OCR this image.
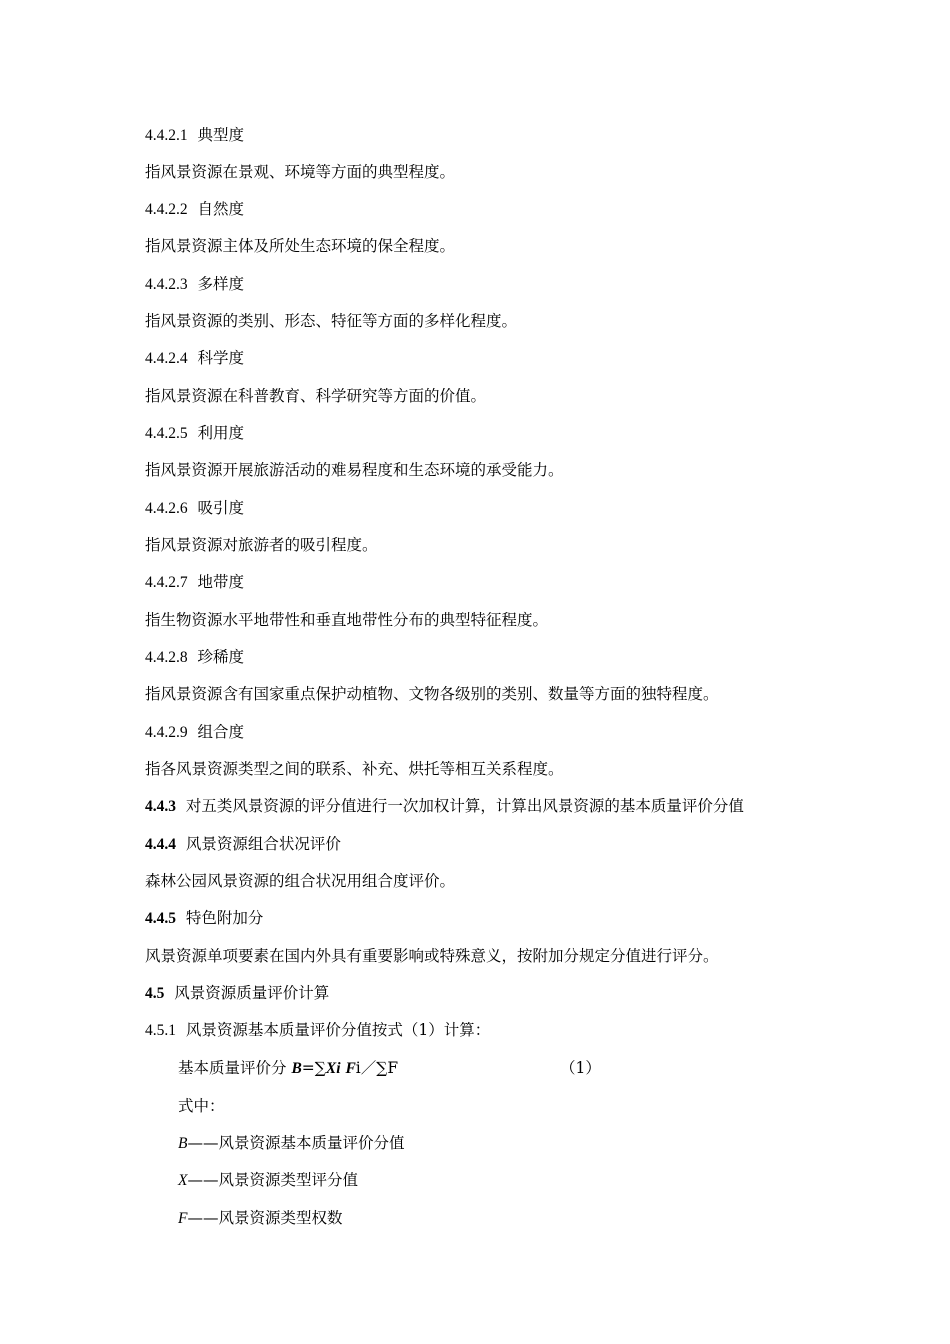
4.4.2.1 典型度
指风景资源在景观、环境等方面的典型程度。
4.4.2.2 自然度
指风景资源主体及所处生态环境的保全程度。
4.4.2.3 多样度
指风景资源的类别、形态、特征等方面的多样化程度。
4.4.2.4 科学度
指风景资源在科普教育、科学研究等方面的价值。
4.4.2.5 利用度
指风景资源开展旅游活动的难易程度和生态环境的承受能力。
4.4.2.6 吸引度
指风景资源对旅游者的吸引程度。
4.4.2.7 地带度
指生物资源水平地带性和垂直地带性分布的典型特征程度。
4.4.2.8 珍稀度
指风景资源含有国家重点保护动植物、文物各级别的类别、数量等方面的独特程度。
4.4.2.9 组合度
指各风景资源类型之间的联系、补充、烘托等相互关系程度。
4.4.3 对五类风景资源的评分值进行一次加权计算，计算出风景资源的基本质量评价分值
4.4.4 风景资源组合状况评价
森林公园风景资源的组合状况用组合度评价。
4.4.5 特色附加分
风景资源单项要素在国内外具有重要影响或特殊意义，按附加分规定分值进行评分。
4.5 风景资源质量评价计算
4.5.1 风景资源基本质量评价分值按式（1）计算：
基本质量评价分 B=∑Xi Fi／∑F	（1）
式中：
B——风景资源基本质量评价分值
X——风景资源类型评分值
F——风景资源类型权数
